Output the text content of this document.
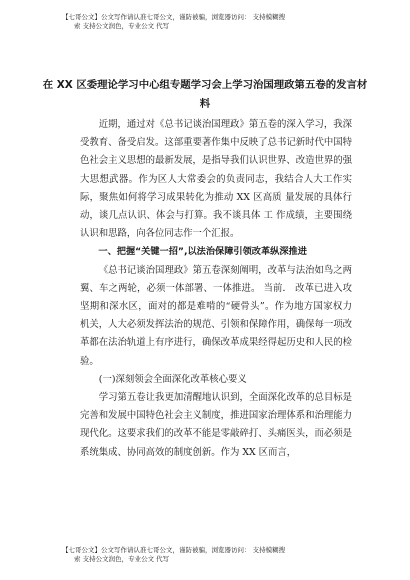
【七哥公文】公文写作请认准七哥公文，谨防被骗，浏览器访问： 支持模糊搜
索 支持公文润色，专业公文 代写
在 XX 区委理论学习中心组专题学习会上学习治国理政第五卷的发言材料

近期，通过对《总书记谈治国理政》第五卷的深入学习，我深受教育、备受启发。这部重要著作集中反映了总书记新时代中国特色社会主义思想的最新发展，是指导我们认识世界、改造世界的强大思想武器。作为区人大常委会的负责同志，我结合人大工作实际，聚焦如何将学习成果转化为推动 XX 区高质 量发展的具体行动，谈几点认识、体会与打算。我不谈具体 工 作成绩，主要围绕认识和思路，向各位同志作一个汇报。

一、把握“关键一招”,以法治保障引领改革纵深推进

《总书记谈治国理政》第五卷深刻阐明，改革与法治如鸟之两翼、车之两轮，必须一体部署、一体推进。 当前． 改革已进入攻坚期和深水区，面对的都是难啃的“硬骨头”。作为地方国家权力机关，人大必须发挥法治的规范、引领和保障作用，确保每一项改革都在法治轨道上有序进行，确保改革成果经得起历史和人民的检验。

(一)深刻领会全面深化改革核心要义

学习第五卷让我更加清醒地认识到，全面深化改革的总目标是完善和发展中国特色社会主义制度，推进国家治理体系和治理能力现代化。这要求我们的改革不能是零敲碎打、头痛医头，而必须是系统集成、协同高效的制度创新。作为 XX 区而言，

【七哥公文】公文写作请认准七哥公文，谨防被骗，浏览器访问： 支持模糊搜
索 支持公文润色，专业公文 代写
